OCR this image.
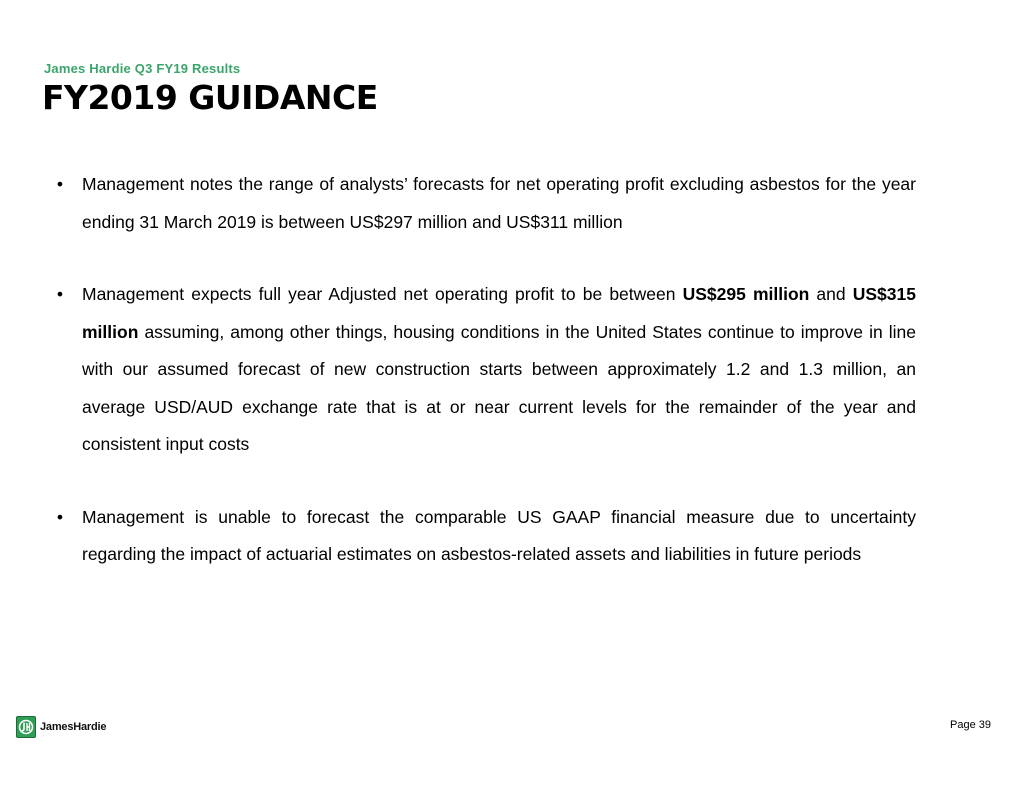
James Hardie Q3 FY19 Results
FY2019 GUIDANCE
• Management notes the range of analysts’ forecasts for net operating profit excluding asbestos for the year ending 31 March 2019 is between US$297 million and US$311 million
• Management expects full year Adjusted net operating profit to be between US$295 million and US$315 million assuming, among other things, housing conditions in the United States continue to improve in line with our assumed forecast of new construction starts between approximately 1.2 and 1.3 million, an average USD/AUD exchange rate that is at or near current levels for the remainder of the year and consistent input costs
• Management is unable to forecast the comparable US GAAP financial measure due to uncertainty regarding the impact of actuarial estimates on asbestos-related assets and liabilities in future periods
JamesHardie	Page 39
